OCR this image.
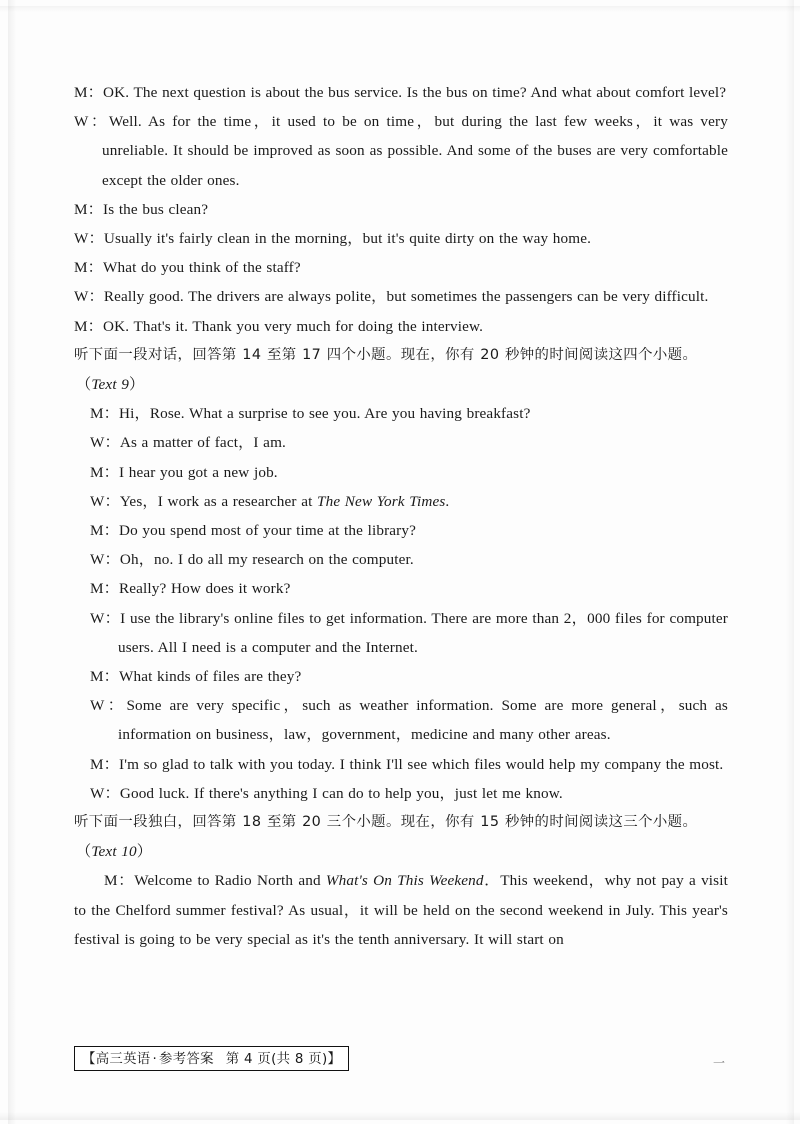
M：OK. The next question is about the bus service. Is the bus on time? And what about comfort level?

W：Well. As for the time，it used to be on time，but during the last few weeks，it was very unreliable. It should be improved as soon as possible. And some of the buses are very comfortable except the older ones.

M：Is the bus clean?

W：Usually it's fairly clean in the morning，but it's quite dirty on the way home.

M：What do you think of the staff?

W：Really good. The drivers are always polite，but sometimes the passengers can be very difficult.

M：OK. That's it. Thank you very much for doing the interview.

听下面一段对话，回答第 14 至第 17 四个小题。现在，你有 20 秒钟的时间阅读这四个小题。

（Text 9）

M：Hi，Rose. What a surprise to see you. Are you having breakfast?

W：As a matter of fact，I am.

M：I hear you got a new job.

W：Yes，I work as a researcher at The New York Times.

M：Do you spend most of your time at the library?

W：Oh，no. I do all my research on the computer.

M：Really? How does it work?

W：I use the library's online files to get information. There are more than 2，000 files for computer users. All I need is a computer and the Internet.

M：What kinds of files are they?

W：Some are very specific，such as weather information. Some are more general，such as information on business，law，government，medicine and many other areas.

M：I'm so glad to talk with you today. I think I'll see which files would help my company the most.

W：Good luck. If there's anything I can do to help you，just let me know.

听下面一段独白，回答第 18 至第 20 三个小题。现在，你有 15 秒钟的时间阅读这三个小题。

（Text 10）

M：Welcome to Radio North and What's On This Weekend．This weekend，why not pay a visit to the Chelford summer festival? As usual，it will be held on the second weekend in July. This year's festival is going to be very special as it's the tenth anniversary. It will start on

【高三英语 · 参考答案 第 4 页(共 8 页)】	一
